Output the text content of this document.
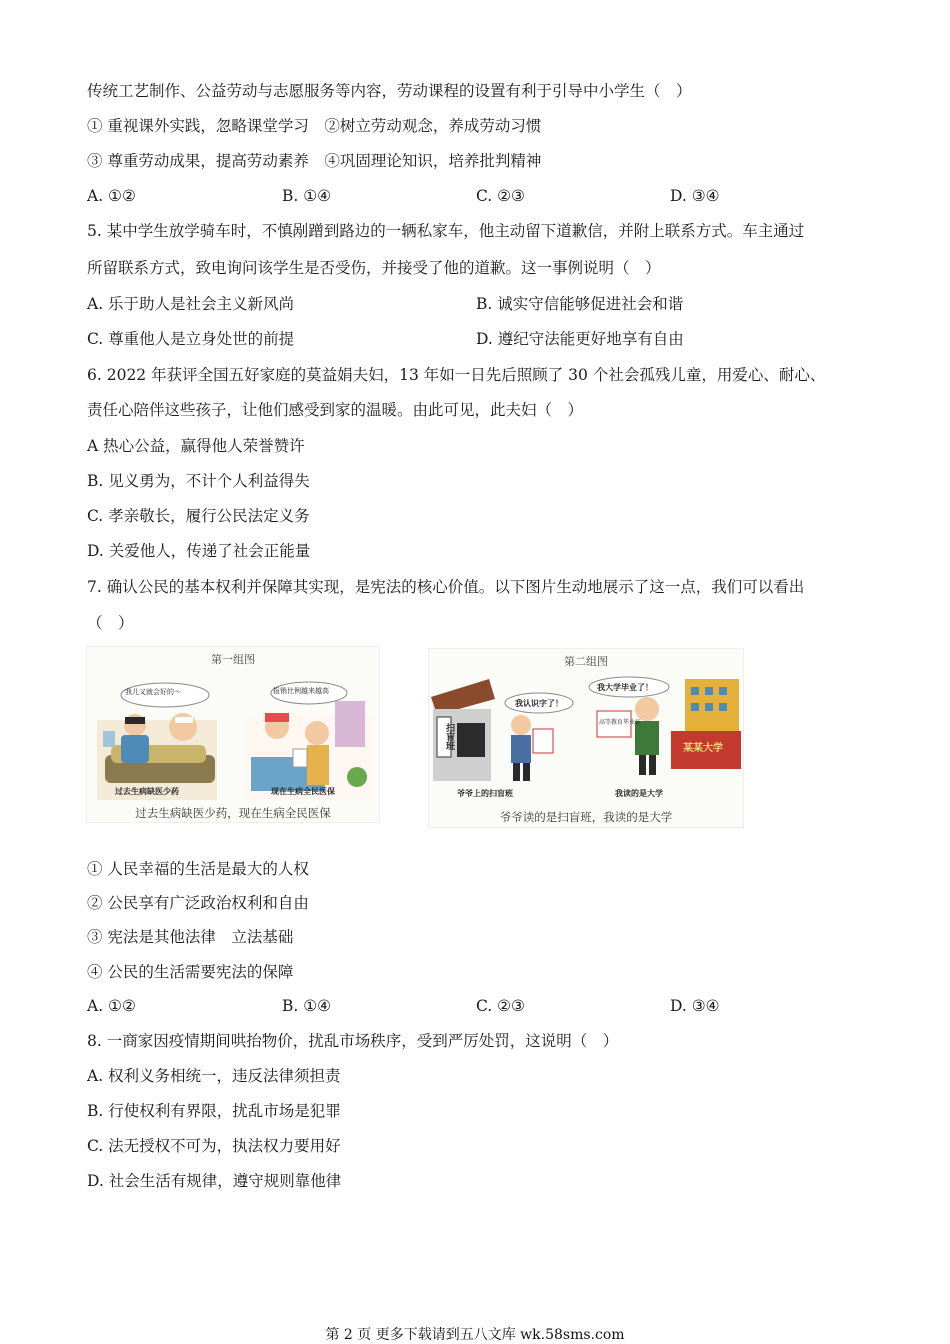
传统工艺制作、公益劳动与志愿服务等内容，劳动课程的设置有利于引导中小学生（　）
① 重视课外实践，忽略课堂学习　②树立劳动观念，养成劳动习惯
③ 尊重劳动成果，提高劳动素养　④巩固理论知识，培养批判精神
A. ①②	B. ①④	C. ②③	D. ③④
5. 某中学生放学骑车时，不慎剐蹭到路边的一辆私家车，他主动留下道歉信，并附上联系方式。车主通过
所留联系方式，致电询问该学生是否受伤，并接受了他的道歉。这一事例说明（　）
A. 乐于助人是社会主义新风尚	B. 诚实守信能够促进社会和谐
C. 尊重他人是立身处世的前提	D. 遵纪守法能更好地享有自由
6. 2022 年获评全国五好家庭的莫益娟夫妇，13 年如一日先后照顾了 30 个社会孤残儿童，用爱心、耐心、
责任心陪伴这些孩子，让他们感受到家的温暖。由此可见，此夫妇（　）
A 热心公益，赢得他人荣誉赞许
B. 见义勇为，不计个人利益得失
C. 孝亲敬长，履行公民法定义务
D. 关爱他人，传递了社会正能量
7. 确认公民的基本权利并保障其实现，是宪法的核心价值。以下图片生动地展示了这一点，我们可以看出
（　）
第一组图
我儿又就会好的～	报销比例越来越高
过去生病缺医少药	现在生病全民医保
过去生病缺医少药，现在生病全民医保
第二组图
扫盲班
我认识字了！
我大学毕业了！
高等教育毕业证
某某大学
爷爷上的扫盲班	我读的是大学
爷爷读的是扫盲班，我读的是大学
① 人民幸福的生活是最大的人权
② 公民享有广泛政治权利和自由
③ 宪法是其他法律　立法基础
④ 公民的生活需要宪法的保障
A. ①②	B. ①④	C. ②③	D. ③④
8. 一商家因疫情期间哄抬物价，扰乱市场秩序，受到严厉处罚，这说明（　）
A. 权利义务相统一，违反法律须担责
B. 行使权利有界限，扰乱市场是犯罪
C. 法无授权不可为，执法权力要用好
D. 社会生活有规律，遵守规则靠他律
第 2 页 更多下载请到五八文库 wk.58sms.com
